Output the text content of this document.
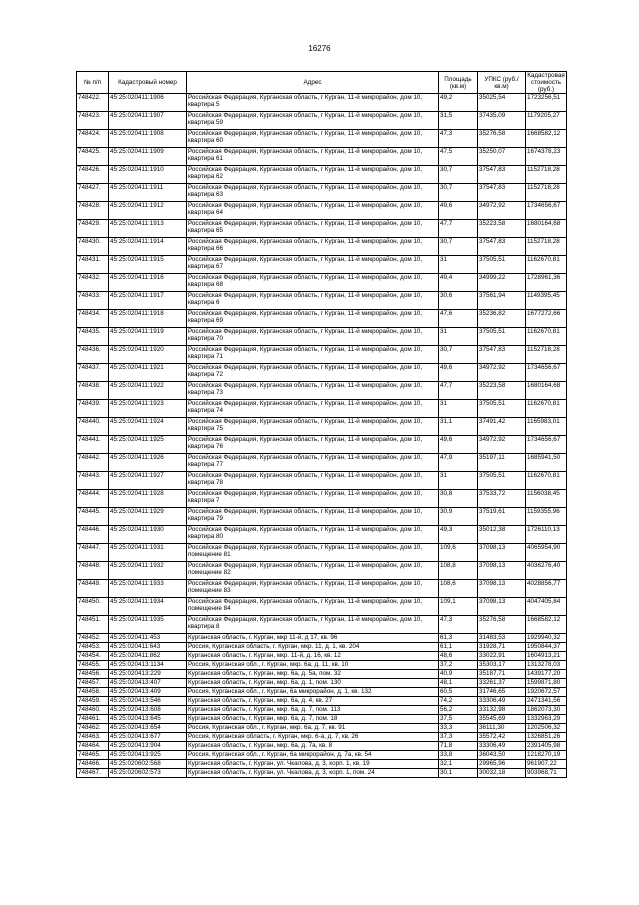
16276
№ п/п	Кадастровый номер	Адрес	Площадь (кв.м)	УПКС (руб./кв.м)	Кадастровая стоимость (руб.)
748422.	45:25:020411:1906	Российская Федерация, Курганская область, г Курган, 11-й микрорайон, дом 10, квартира 5	49,2	35025,54	1723256,51
748423.	45:25:020411:1907	Российская Федерация, Курганская область, г Курган, 11-й микрорайон, дом 10, квартира 59	31,5	37435,09	1179205,27
748424.	45:25:020411:1908	Российская Федерация, Курганская область, г Курган, 11-й микрорайон, дом 10, квартира 60	47,3	35276,58	1668582,12
748425.	45:25:020411:1909	Российская Федерация, Курганская область, г Курган, 11-й микрорайон, дом 10, квартира 61	47,5	35250,07	1674378,23
748426.	45:25:020411:1910	Российская Федерация, Курганская область, г Курган, 11-й микрорайон, дом 10, квартира 62	30,7	37547,83	1152718,28
748427.	45:25:020411:1911	Российская Федерация, Курганская область, г Курган, 11-й микрорайон, дом 10, квартира 63	30,7	37547,83	1152718,28
748428.	45:25:020411:1912	Российская Федерация, Курганская область, г Курган, 11-й микрорайон, дом 10, квартира 64	49,6	34972,92	1734656,67
748429.	45:25:020411:1913	Российская Федерация, Курганская область, г Курган, 11-й микрорайон, дом 10, квартира 65	47,7	35223,58	1680164,68
748430.	45:25:020411:1914	Российская Федерация, Курганская область, г Курган, 11-й микрорайон, дом 10, квартира 66	30,7	37547,83	1152718,28
748431.	45:25:020411:1915	Российская Федерация, Курганская область, г Курган, 11-й микрорайон, дом 10, квартира 67	31	37505,51	1162670,81
748432.	45:25:020411:1916	Российская Федерация, Курганская область, г Курган, 11-й микрорайон, дом 10, квартира 68	49,4	34999,22	1728961,36
748433.	45:25:020411:1917	Российская Федерация, Курганская область, г Курган, 11-й микрорайон, дом 10, квартира 6	30,6	37561,94	1149395,45
748434.	45:25:020411:1918	Российская Федерация, Курганская область, г Курган, 11-й микрорайон, дом 10, квартира 69	47,6	35236,82	1677272,66
748435.	45:25:020411:1919	Российская Федерация, Курганская область, г Курган, 11-й микрорайон, дом 10, квартира 70	31	37505,51	1162670,81
748436.	45:25:020411:1920	Российская Федерация, Курганская область, г Курган, 11-й микрорайон, дом 10, квартира 71	30,7	37547,83	1152718,28
748437.	45:25:020411:1921	Российская Федерация, Курганская область, г Курган, 11-й микрорайон, дом 10, квартира 72	49,6	34972,92	1734656,67
748438.	45:25:020411:1922	Российская Федерация, Курганская область, г Курган, 11-й микрорайон, дом 10, квартира 73	47,7	35223,58	1680164,68
748439.	45:25:020411:1923	Российская Федерация, Курганская область, г Курган, 11-й микрорайон, дом 10, квартира 74	31	37505,51	1162670,81
748440.	45:25:020411:1924	Российская Федерация, Курганская область, г Курган, 11-й микрорайон, дом 10, квартира 75	31,1	37491,42	1165983,01
748441.	45:25:020411:1925	Российская Федерация, Курганская область, г Курган, 11-й микрорайон, дом 10, квартира 76	49,6	34972,92	1734656,67
748442.	45:25:020411:1926	Российская Федерация, Курганская область, г Курган, 11-й микрорайон, дом 10, квартира 77	47,9	35197,11	1685941,50
748443.	45:25:020411:1927	Российская Федерация, Курганская область, г Курган, 11-й микрорайон, дом 10, квартира 78	31	37505,51	1162670,81
748444.	45:25:020411:1928	Российская Федерация, Курганская область, г Курган, 11-й микрорайон, дом 10, квартира 7	30,8	37533,72	1156038,45
748445.	45:25:020411:1929	Российская Федерация, Курганская область, г Курган, 11-й микрорайон, дом 10, квартира 79	30,9	37519,61	1159355,96
748446.	45:25:020411:1930	Российская Федерация, Курганская область, г Курган, 11-й микрорайон, дом 10, квартира 80	49,3	35012,38	1726110,13
748447.	45:25:020411:1931	Российская Федерация, Курганская область, г Курган, 11-й микрорайон, дом 10, помещение 81	109,6	37098,13	4065954,90
748448.	45:25:020411:1932	Российская Федерация, Курганская область, г Курган, 11-й микрорайон, дом 10, помещение 82	108,8	37098,13	4036276,40
748449.	45:25:020411:1933	Российская Федерация, Курганская область, г Курган, 11-й микрорайон, дом 10, помещение 83	108,6	37098,13	4028856,77
748450.	45:25:020411:1934	Российская Федерация, Курганская область, г Курган, 11-й микрорайон, дом 10, помещение 84	109,1	37098,13	4047405,84
748451.	45:25:020411:1935	Российская Федерация, Курганская область, г Курган, 11-й микрорайон, дом 10, квартира 8	47,3	35276,58	1668582,12
748452.	45:25:020411:453	Курганская область, г. Курган, мкр 11-й, д 17, кв. 96	61,3	31483,53	1929940,32
748453.	45:25:020411:643	Россия, Курганская область, г. Курган, мкр. 11, д. 1, кв. 204	61,1	31928,71	1950844,37
748454.	45:25:020411:862	Курганская область, г. Курган, мкр. 11-й, д. 16, кв. 12	48,6	33022,91	1604913,21
748455.	45:25:020413:1134	Россия, Курганская обл., г. Курган, мкр. 6а, д. 11, кв. 10	37,2	35303,17	1313278,03
748456.	45:25:020413:229	Курганская область, г. Курган, мкр. 6а, д. 5а, пом. 32	40,9	35187,71	1439177,20
748457.	45:25:020413:407	Курганская область, г. Курган, мкр. 6а, д. 1, пом. 130	48,1	33261,37	1599871,80
748458.	45:25:020413:409	Россия, Курганская обл., г. Курган, 6а микрорайон, д. 1, кв. 132	60,5	31746,65	1920672,57
748459.	45:25:020413:546	Курганская область, г. Курган, мкр. 6а, д. 4, кв. 27	74,2	33306,49	2471341,56
748460.	45:25:020413:608	Курганская область, г. Курган, мкр. 6а, д. 7, пом. 113	56,2	33132,98	1862073,30
748461.	45:25:020413:645	Курганская область, г. Курган, мкр. 6а, д. 7, пом. 18	37,5	35545,69	1332963,29
748462.	45:25:020413:654	Россия, Курганская обл., г. Курган, мкр. 6а, д. 7, кв. 91	33,3	36111,30	1202506,32
748463.	45:25:020413:677	Россия, Курганская область, г. Курган, мкр. 6-а, д. 7, кв. 26	37,3	35572,42	1326851,26
748464.	45:25:020413:904	Курганская область, г. Курган, мкр. 6а, д. 7а, кв. 8	71,8	33306,49	2391405,98
748465.	45:25:020413:925	Россия, Курганская обл., г. Курган, 6а микрорайон, д. 7а, кв. 54	33,8	36043,50	1218270,19
748466.	45:25:020602:568	Курганская область, г. Курган, ул. Чкалова, д. 3, корп. 1, кв. 19	32,1	29965,96	961907,22
748467.	45:25:020602:573	Курганская область, г. Курган, ул. Чкалова, д. 3, корп. 1, пом. 24	30,1	30032,18	903968,71
